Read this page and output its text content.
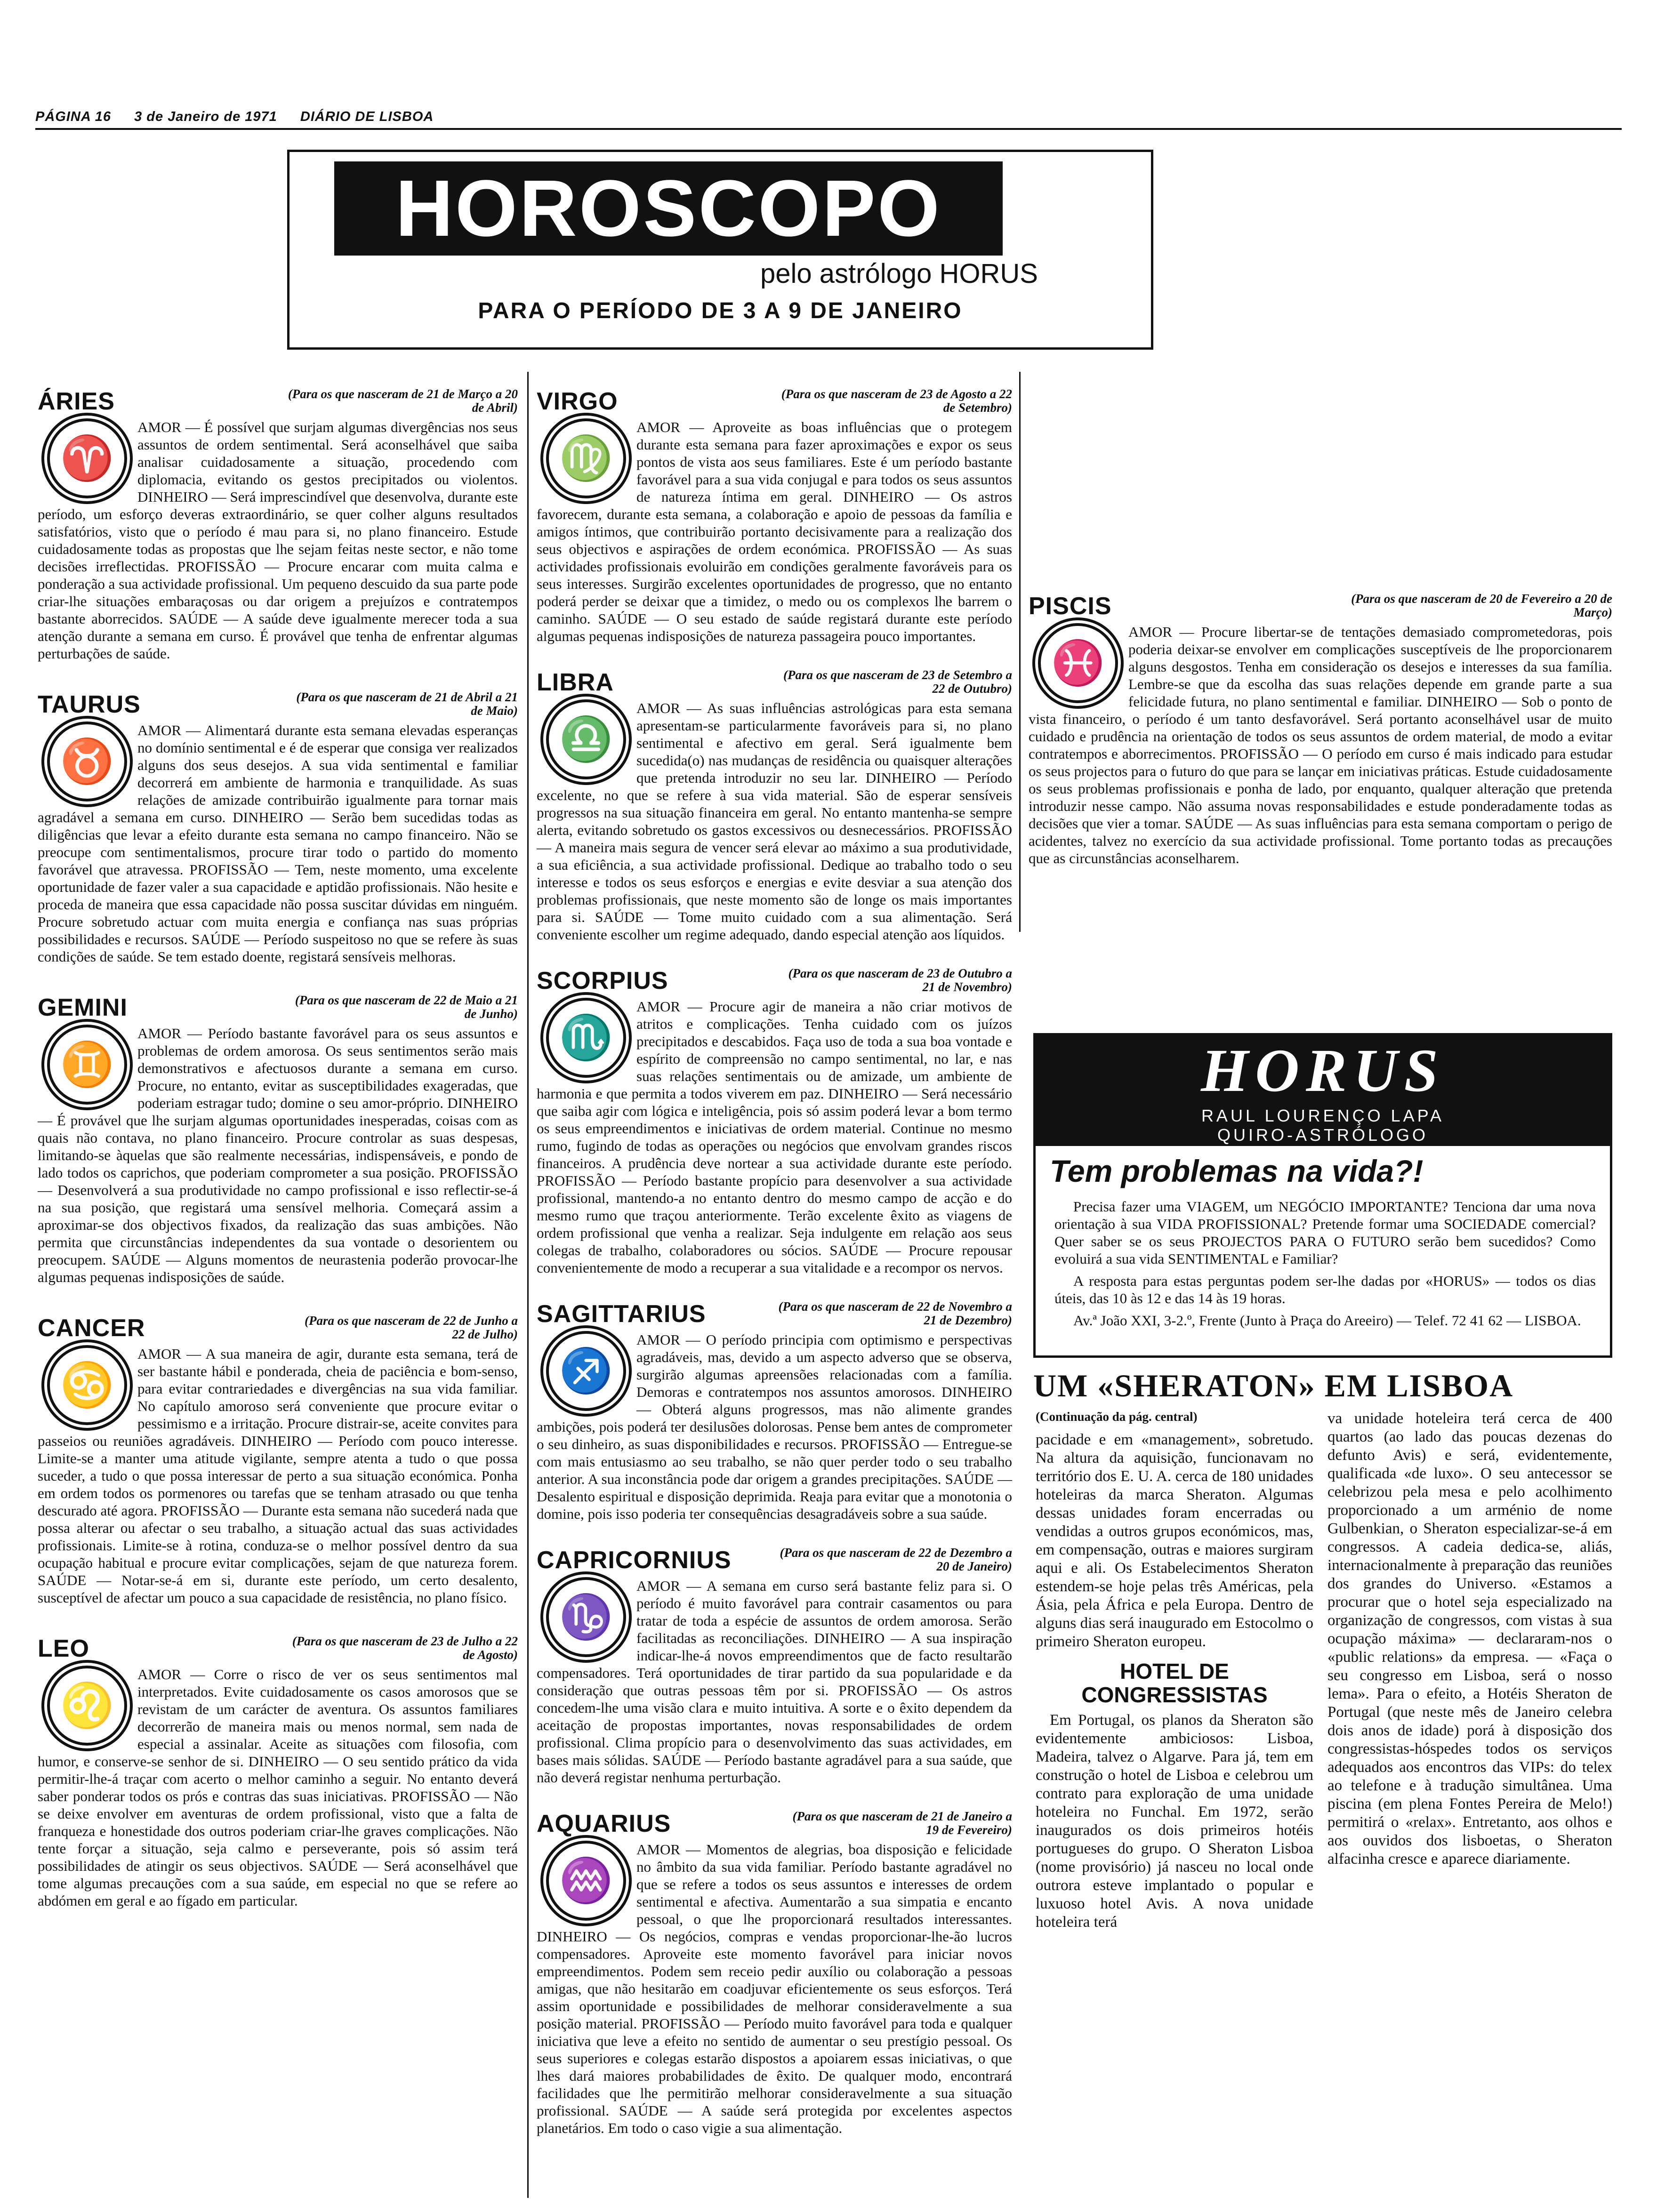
PÁGINA 16 3 de Janeiro de 1971 DIÁRIO DE LISBOA
HOROSCOPO
pelo astrólogo HORUS
PARA O PERÍODO DE 3 A 9 DE JANEIRO
ÁRIES	(Para os que nasceram de 21 de Março a 20 de Abril)
♈
AMOR — É possível que surjam algumas divergências nos seus assuntos de ordem sentimental. Será aconselhável que saiba analisar cuidadosamente a situação, procedendo com diplomacia, evitando os gestos precipitados ou violentos. DINHEIRO — Será imprescindível que desenvolva, durante este período, um esforço deveras extraordinário, se quer colher alguns resultados satisfatórios, visto que o período é mau para si, no plano financeiro. Estude cuidadosamente todas as propostas que lhe sejam feitas neste sector, e não tome decisões irreflectidas. PROFISSÃO — Procure encarar com muita calma e ponderação a sua actividade profissional. Um pequeno descuido da sua parte pode criar-lhe situações embaraçosas ou dar origem a prejuízos e contratempos bastante aborrecidos. SAÚDE — A saúde deve igualmente merecer toda a sua atenção durante a semana em curso. É provável que tenha de enfrentar algumas perturbações de saúde.
TAURUS	(Para os que nasceram de 21 de Abril a 21 de Maio)
♉
AMOR — Alimentará durante esta semana elevadas esperanças no domínio sentimental e é de esperar que consiga ver realizados alguns dos seus desejos. A sua vida sentimental e familiar decorrerá em ambiente de harmonia e tranquilidade. As suas relações de amizade contribuirão igualmente para tornar mais agradável a semana em curso. DINHEIRO — Serão bem sucedidas todas as diligências que levar a efeito durante esta semana no campo financeiro. Não se preocupe com sentimentalismos, procure tirar todo o partido do momento favorável que atravessa. PROFISSÃO — Tem, neste momento, uma excelente oportunidade de fazer valer a sua capacidade e aptidão profissionais. Não hesite e proceda de maneira que essa capacidade não possa suscitar dúvidas em ninguém. Procure sobretudo actuar com muita energia e confiança nas suas próprias possibilidades e recursos. SAÚDE — Período suspeitoso no que se refere às suas condições de saúde. Se tem estado doente, registará sensíveis melhoras.
GEMINI	(Para os que nasceram de 22 de Maio a 21 de Junho)
♊
AMOR — Período bastante favorável para os seus assuntos e problemas de ordem amorosa. Os seus sentimentos serão mais demonstrativos e afectuosos durante a semana em curso. Procure, no entanto, evitar as susceptibilidades exageradas, que poderiam estragar tudo; domine o seu amor-próprio. DINHEIRO — É provável que lhe surjam algumas oportunidades inesperadas, coisas com as quais não contava, no plano financeiro. Procure controlar as suas despesas, limitando-se àquelas que são realmente necessárias, indispensáveis, e pondo de lado todos os caprichos, que poderiam comprometer a sua posição. PROFISSÃO — Desenvolverá a sua produtividade no campo profissional e isso reflectir-se-á na sua posição, que registará uma sensível melhoria. Começará assim a aproximar-se dos objectivos fixados, da realização das suas ambições. Não permita que circunstâncias independentes da sua vontade o desorientem ou preocupem. SAÚDE — Alguns momentos de neurastenia poderão provocar-lhe algumas pequenas indisposições de saúde.
CANCER	(Para os que nasceram de 22 de Junho a 22 de Julho)
♋
AMOR — A sua maneira de agir, durante esta semana, terá de ser bastante hábil e ponderada, cheia de paciência e bom-senso, para evitar contrariedades e divergências na sua vida familiar. No capítulo amoroso será conveniente que procure evitar o pessimismo e a irritação. Procure distrair-se, aceite convites para passeios ou reuniões agradáveis. DINHEIRO — Período com pouco interesse. Limite-se a manter uma atitude vigilante, sempre atenta a tudo o que possa suceder, a tudo o que possa interessar de perto a sua situação económica. Ponha em ordem todos os pormenores ou tarefas que se tenham atrasado ou que tenha descurado até agora. PROFISSÃO — Durante esta semana não sucederá nada que possa alterar ou afectar o seu trabalho, a situação actual das suas actividades profissionais. Limite-se à rotina, conduza-se o melhor possível dentro da sua ocupação habitual e procure evitar complicações, sejam de que natureza forem. SAÚDE — Notar-se-á em si, durante este período, um certo desalento, susceptível de afectar um pouco a sua capacidade de resistência, no plano físico.
LEO	(Para os que nasceram de 23 de Julho a 22 de Agosto)
♌
AMOR — Corre o risco de ver os seus sentimentos mal interpretados. Evite cuidadosamente os casos amorosos que se revistam de um carácter de aventura. Os assuntos familiares decorrerão de maneira mais ou menos normal, sem nada de especial a assinalar. Aceite as situações com filosofia, com humor, e conserve-se senhor de si. DINHEIRO — O seu sentido prático da vida permitir-lhe-á traçar com acerto o melhor caminho a seguir. No entanto deverá saber ponderar todos os prós e contras das suas iniciativas. PROFISSÃO — Não se deixe envolver em aventuras de ordem profissional, visto que a falta de franqueza e honestidade dos outros poderiam criar-lhe graves complicações. Não tente forçar a situação, seja calmo e perseverante, pois só assim terá possibilidades de atingir os seus objectivos. SAÚDE — Será aconselhável que tome algumas precauções com a sua saúde, em especial no que se refere ao abdómen em geral e ao fígado em particular.
VIRGO	(Para os que nasceram de 23 de Agosto a 22 de Setembro)
♍
AMOR — Aproveite as boas influências que o protegem durante esta semana para fazer aproximações e expor os seus pontos de vista aos seus familiares. Este é um período bastante favorável para a sua vida conjugal e para todos os seus assuntos de natureza íntima em geral. DINHEIRO — Os astros favorecem, durante esta semana, a colaboração e apoio de pessoas da família e amigos íntimos, que contribuirão portanto decisivamente para a realização dos seus objectivos e aspirações de ordem económica. PROFISSÃO — As suas actividades profissionais evoluirão em condições geralmente favoráveis para os seus interesses. Surgirão excelentes oportunidades de progresso, que no entanto poderá perder se deixar que a timidez, o medo ou os complexos lhe barrem o caminho. SAÚDE — O seu estado de saúde registará durante este período algumas pequenas indisposições de natureza passageira pouco importantes.
LIBRA	(Para os que nasceram de 23 de Setembro a 22 de Outubro)
♎
AMOR — As suas influências astrológicas para esta semana apresentam-se particularmente favoráveis para si, no plano sentimental e afectivo em geral. Será igualmente bem sucedida(o) nas mudanças de residência ou quaisquer alterações que pretenda introduzir no seu lar. DINHEIRO — Período excelente, no que se refere à sua vida material. São de esperar sensíveis progressos na sua situação financeira em geral. No entanto mantenha-se sempre alerta, evitando sobretudo os gastos excessivos ou desnecessários. PROFISSÃO — A maneira mais segura de vencer será elevar ao máximo a sua produtividade, a sua eficiência, a sua actividade profissional. Dedique ao trabalho todo o seu interesse e todos os seus esforços e energias e evite desviar a sua atenção dos problemas profissionais, que neste momento são de longe os mais importantes para si. SAÚDE — Tome muito cuidado com a sua alimentação. Será conveniente escolher um regime adequado, dando especial atenção aos líquidos.
SCORPIUS	(Para os que nasceram de 23 de Outubro a 21 de Novembro)
♏
AMOR — Procure agir de maneira a não criar motivos de atritos e complicações. Tenha cuidado com os juízos precipitados e descabidos. Faça uso de toda a sua boa vontade e espírito de compreensão no campo sentimental, no lar, e nas suas relações sentimentais ou de amizade, um ambiente de harmonia e que permita a todos viverem em paz. DINHEIRO — Será necessário que saiba agir com lógica e inteligência, pois só assim poderá levar a bom termo os seus empreendimentos e iniciativas de ordem material. Continue no mesmo rumo, fugindo de todas as operações ou negócios que envolvam grandes riscos financeiros. A prudência deve nortear a sua actividade durante este período. PROFISSÃO — Período bastante propício para desenvolver a sua actividade profissional, mantendo-a no entanto dentro do mesmo campo de acção e do mesmo rumo que traçou anteriormente. Terão excelente êxito as viagens de ordem profissional que venha a realizar. Seja indulgente em relação aos seus colegas de trabalho, colaboradores ou sócios. SAÚDE — Procure repousar convenientemente de modo a recuperar a sua vitalidade e a recompor os nervos.
SAGITTARIUS	(Para os que nasceram de 22 de Novembro a 21 de Dezembro)
♐
AMOR — O período principia com optimismo e perspectivas agradáveis, mas, devido a um aspecto adverso que se observa, surgirão algumas apreensões relacionadas com a família. Demoras e contratempos nos assuntos amorosos. DINHEIRO — Obterá alguns progressos, mas não alimente grandes ambições, pois poderá ter desilusões dolorosas. Pense bem antes de comprometer o seu dinheiro, as suas disponibilidades e recursos. PROFISSÃO — Entregue-se com mais entusiasmo ao seu trabalho, se não quer perder todo o seu trabalho anterior. A sua inconstância pode dar origem a grandes precipitações. SAÚDE — Desalento espiritual e disposição deprimida. Reaja para evitar que a monotonia o domine, pois isso poderia ter consequências desagradáveis sobre a sua saúde.
CAPRICORNIUS	(Para os que nasceram de 22 de Dezembro a 20 de Janeiro)
♑
AMOR — A semana em curso será bastante feliz para si. O período é muito favorável para contrair casamentos ou para tratar de toda a espécie de assuntos de ordem amorosa. Serão facilitadas as reconciliações. DINHEIRO — A sua inspiração indicar-lhe-á novos empreendimentos que de facto resultarão compensadores. Terá oportunidades de tirar partido da sua popularidade e da consideração que outras pessoas têm por si. PROFISSÃO — Os astros concedem-lhe uma visão clara e muito intuitiva. A sorte e o êxito dependem da aceitação de propostas importantes, novas responsabilidades de ordem profissional. Clima propício para o desenvolvimento das suas actividades, em bases mais sólidas. SAÚDE — Período bastante agradável para a sua saúde, que não deverá registar nenhuma perturbação.
AQUARIUS	(Para os que nasceram de 21 de Janeiro a 19 de Fevereiro)
♒
AMOR — Momentos de alegrias, boa disposição e felicidade no âmbito da sua vida familiar. Período bastante agradável no que se refere a todos os seus assuntos e interesses de ordem sentimental e afectiva. Aumentarão a sua simpatia e encanto pessoal, o que lhe proporcionará resultados interessantes. DINHEIRO — Os negócios, compras e vendas proporcionar-lhe-ão lucros compensadores. Aproveite este momento favorável para iniciar novos empreendimentos. Podem sem receio pedir auxílio ou colaboração a pessoas amigas, que não hesitarão em coadjuvar eficientemente os seus esforços. Terá assim oportunidade e possibilidades de melhorar consideravelmente a sua posição material. PROFISSÃO — Período muito favorável para toda e qualquer iniciativa que leve a efeito no sentido de aumentar o seu prestígio pessoal. Os seus superiores e colegas estarão dispostos a apoiarem essas iniciativas, o que lhes dará maiores probabilidades de êxito. De qualquer modo, encontrará facilidades que lhe permitirão melhorar consideravelmente a sua situação profissional. SAÚDE — A saúde será protegida por excelentes aspectos planetários. Em todo o caso vigie a sua alimentação.
PISCIS	(Para os que nasceram de 20 de Fevereiro a 20 de Março)
♓
AMOR — Procure libertar-se de tentações demasiado comprometedoras, pois poderia deixar-se envolver em complicações susceptíveis de lhe proporcionarem alguns desgostos. Tenha em consideração os desejos e interesses da sua família. Lembre-se que da escolha das suas relações depende em grande parte a sua felicidade futura, no plano sentimental e familiar. DINHEIRO — Sob o ponto de vista financeiro, o período é um tanto desfavorável. Será portanto aconselhável usar de muito cuidado e prudência na orientação de todos os seus assuntos de ordem material, de modo a evitar contratempos e aborrecimentos. PROFISSÃO — O período em curso é mais indicado para estudar os seus projectos para o futuro do que para se lançar em iniciativas práticas. Estude cuidadosamente os seus problemas profissionais e ponha de lado, por enquanto, qualquer alteração que pretenda introduzir nesse campo. Não assuma novas responsabilidades e estude ponderadamente todas as decisões que vier a tomar. SAÚDE — As suas influências para esta semana comportam o perigo de acidentes, talvez no exercício da sua actividade profissional. Tome portanto todas as precauções que as circunstâncias aconselharem.
HORUS
RAUL LOURENÇO LAPA
QUIRO-ASTRÓLOGO
Tem problemas na vida?!
Precisa fazer uma VIAGEM, um NEGÓCIO IMPORTANTE? Tenciona dar uma nova orientação à sua VIDA PROFISSIONAL? Pretende formar uma SOCIEDADE comercial? Quer saber se os seus PROJECTOS PARA O FUTURO serão bem sucedidos? Como evoluirá a sua vida SENTIMENTAL e Familiar?
A resposta para estas perguntas podem ser-lhe dadas por «HORUS» — todos os dias úteis, das 10 às 12 e das 14 às 19 horas.
Av.ª João XXI, 3-2.º, Frente (Junto à Praça do Areeiro) — Telef. 72 41 62 — LISBOA.
UM «SHERATON» EM LISBOA
(Continuação da pág. central)
pacidade e em «management», sobretudo. Na altura da aquisição, funcionavam no território dos E. U. A. cerca de 180 unidades hoteleiras da marca Sheraton. Algumas dessas unidades foram encerradas ou vendidas a outros grupos económicos, mas, em compensação, outras e maiores surgiram aqui e ali. Os Estabelecimentos Sheraton estendem-se hoje pelas três Américas, pela Ásia, pela África e pela Europa. Dentro de alguns dias será inaugurado em Estocolmo o primeiro Sheraton europeu.
HOTEL DE CONGRESSISTAS
Em Portugal, os planos da Sheraton são evidentemente ambiciosos: Lisboa, Madeira, talvez o Algarve. Para já, tem em construção o hotel de Lisboa e celebrou um contrato para exploração de uma unidade hoteleira no Funchal. Em 1972, serão inaugurados os dois primeiros hotéis portugueses do grupo. O Sheraton Lisboa (nome provisório) já nasceu no local onde outrora esteve implantado o popular e luxuoso hotel Avis. A nova unidade hoteleira terá
va unidade hoteleira terá cerca de 400 quartos (ao lado das poucas dezenas do defunto Avis) e será, evidentemente, qualificada «de luxo». O seu antecessor se celebrizou pela mesa e pelo acolhimento proporcionado a um arménio de nome Gulbenkian, o Sheraton especializar-se-á em congressos. A cadeia dedica-se, aliás, internacionalmente à preparação das reuniões dos grandes do Universo. «Estamos a procurar que o hotel seja especializado na organização de congressos, com vistas à sua ocupação máxima» — declararam-nos o «public relations» da empresa. — «Faça o seu congresso em Lisboa, será o nosso lema». Para o efeito, a Hotéis Sheraton de Portugal (que neste mês de Janeiro celebra dois anos de idade) porá à disposição dos congressistas-hóspedes todos os serviços adequados aos encontros das VIPs: do telex ao telefone e à tradução simultânea. Uma piscina (em plena Fontes Pereira de Melo!) permitirá o «relax». Entretanto, aos olhos e aos ouvidos dos lisboetas, o Sheraton alfacinha cresce e aparece diariamente.
